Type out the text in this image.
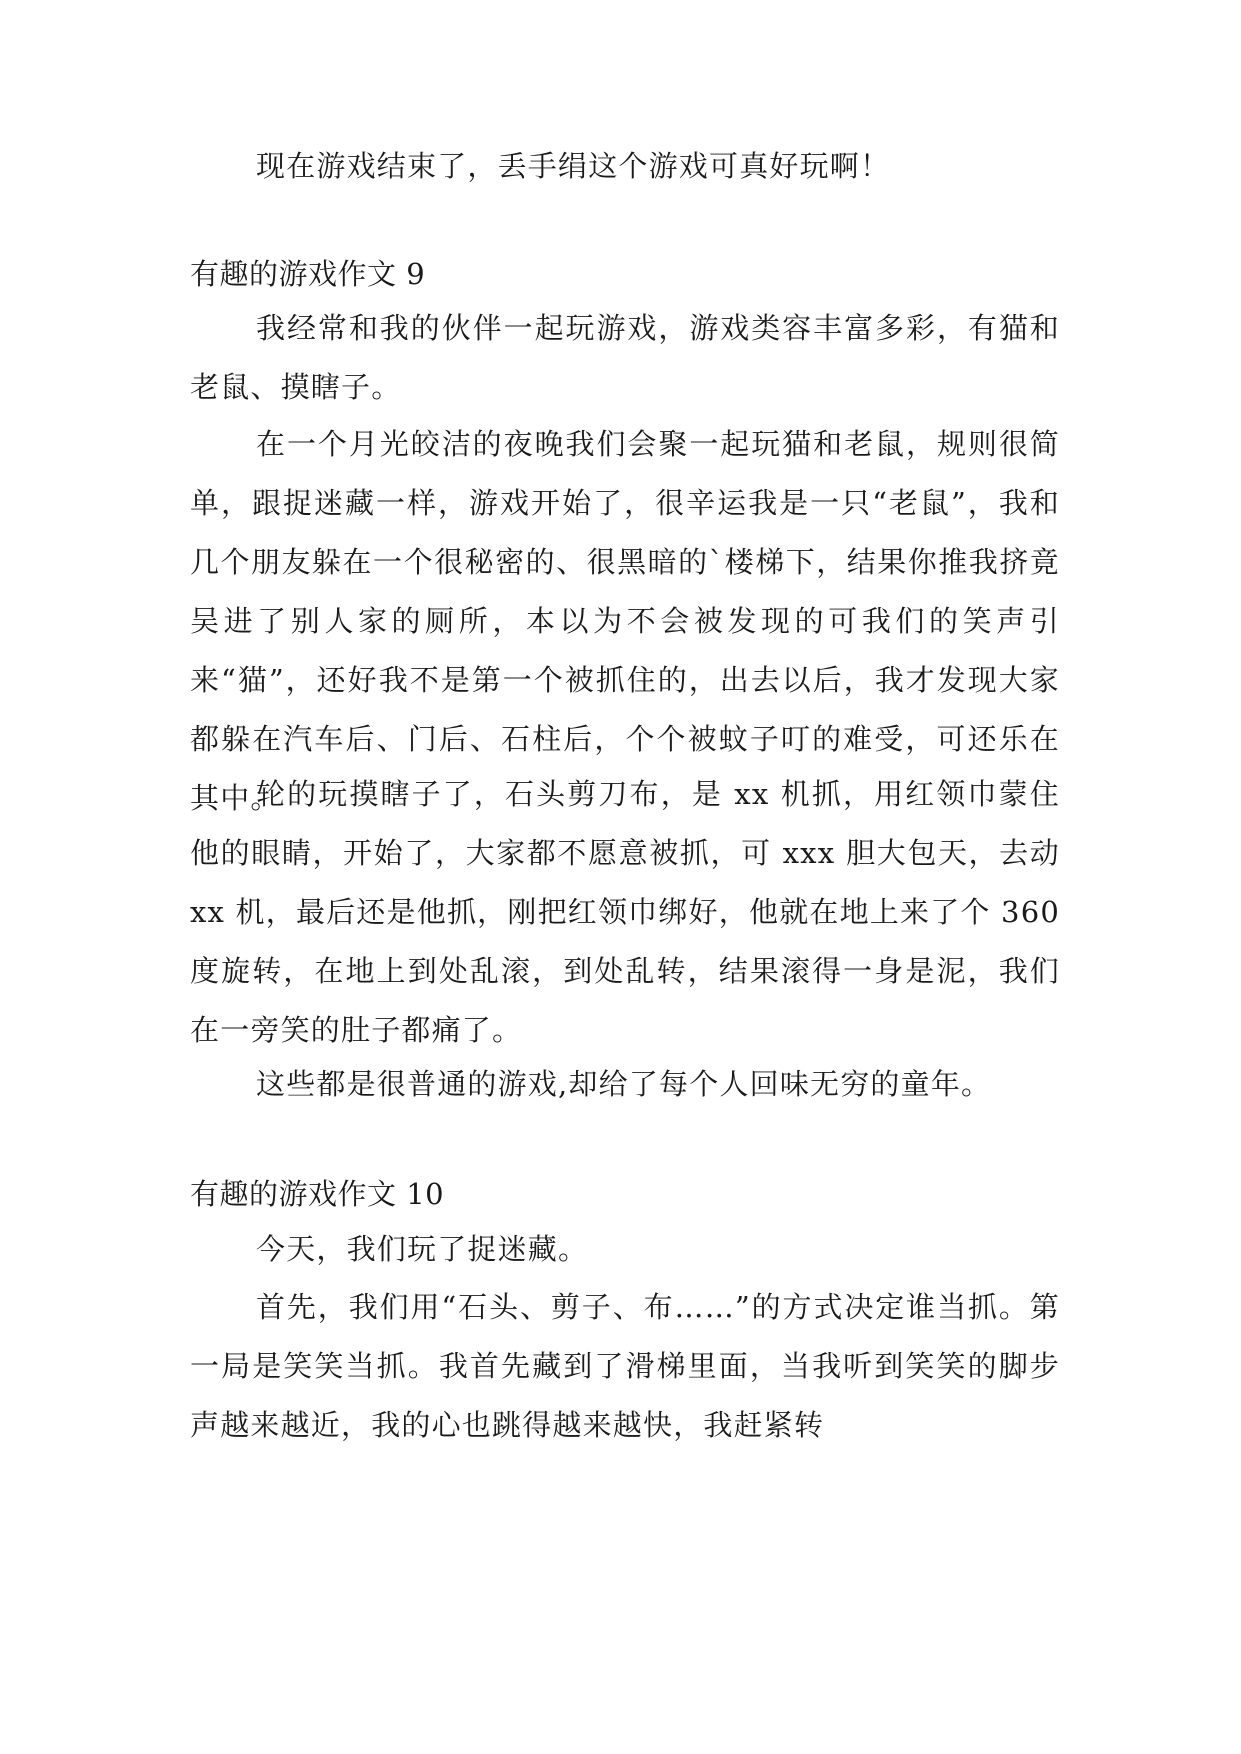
现在游戏结束了，丢手绢这个游戏可真好玩啊！

有趣的游戏作文 9

我经常和我的伙伴一起玩游戏，游戏类容丰富多彩，有猫和老鼠、摸瞎子。

在一个月光皎洁的夜晚我们会聚一起玩猫和老鼠，规则很简单，跟捉迷藏一样，游戏开始了，很辛运我是一只“老鼠”，我和几个朋友躲在一个很秘密的、很黑暗的`楼梯下，结果你推我挤竟吴进了别人家的厕所，本以为不会被发现的可我们的笑声引来“猫”，还好我不是第一个被抓住的，出去以后，我才发现大家都躲在汽车后、门后、石柱后，个个被蚊子叮的难受，可还乐在其中。

轮的玩摸瞎子了，石头剪刀布，是 xx 机抓，用红领巾蒙住他的眼睛，开始了，大家都不愿意被抓，可 xxx 胆大包天，去动 xx 机，最后还是他抓，刚把红领巾绑好，他就在地上来了个 360 度旋转，在地上到处乱滚，到处乱转，结果滚得一身是泥，我们在一旁笑的肚子都痛了。

这些都是很普通的游戏,却给了每个人回味无穷的童年。

有趣的游戏作文 10

今天，我们玩了捉迷藏。

首先，我们用“石头、剪子、布……”的方式决定谁当抓。第一局是笑笑当抓。我首先藏到了滑梯里面，当我听到笑笑的脚步声越来越近，我的心也跳得越来越快，我赶紧转
